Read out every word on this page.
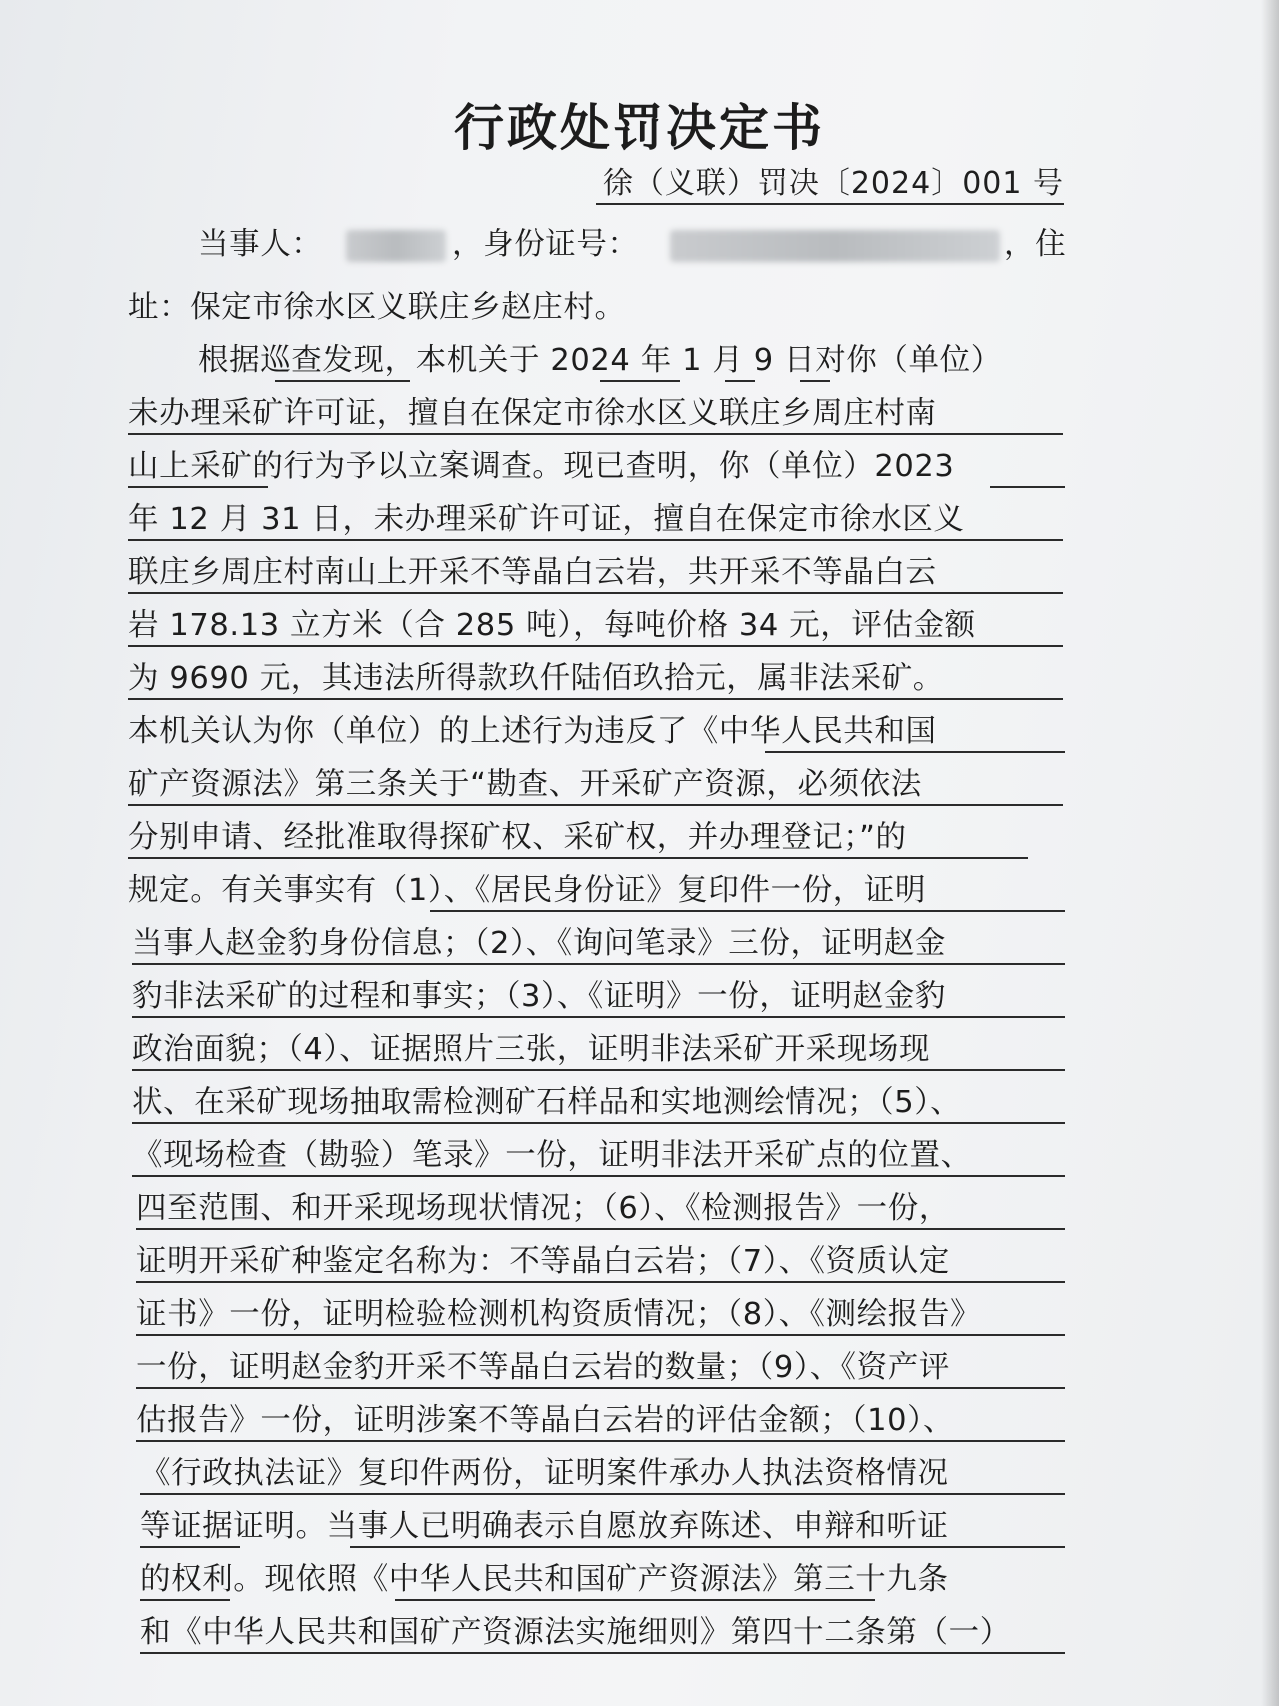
行政处罚决定书
徐（义联）罚决〔2024〕001 号
当事人：	，身份证号：	，住
址：保定市徐水区义联庄乡赵庄村。
根据巡查发现，本机关于 2024 年 1 月 9 日对你（单位）
未办理采矿许可证，擅自在保定市徐水区义联庄乡周庄村南
山上采矿的行为予以立案调查。现已查明，你（单位）2023
年 12 月 31 日，未办理采矿许可证，擅自在保定市徐水区义
联庄乡周庄村南山上开采不等晶白云岩，共开采不等晶白云
岩 178.13 立方米（合 285 吨），每吨价格 34 元，评估金额
为 9690 元，其违法所得款玖仟陆佰玖拾元，属非法采矿。
本机关认为你（单位）的上述行为违反了《中华人民共和国
矿产资源法》第三条关于“勘查、开采矿产资源，必须依法
分别申请、经批准取得探矿权、采矿权，并办理登记；”的
规定。有关事实有（1）、《居民身份证》复印件一份，证明
当事人赵金豹身份信息；（2）、《询问笔录》三份，证明赵金
豹非法采矿的过程和事实；（3）、《证明》一份，证明赵金豹
政治面貌；（4）、证据照片三张，证明非法采矿开采现场现
状、在采矿现场抽取需检测矿石样品和实地测绘情况；（5）、
《现场检查（勘验）笔录》一份，证明非法开采矿点的位置、
四至范围、和开采现场现状情况；（6）、《检测报告》一份，
证明开采矿种鉴定名称为：不等晶白云岩；（7）、《资质认定
证书》一份，证明检验检测机构资质情况；（8）、《测绘报告》
一份，证明赵金豹开采不等晶白云岩的数量；（9）、《资产评
估报告》一份，证明涉案不等晶白云岩的评估金额；（10）、
《行政执法证》复印件两份，证明案件承办人执法资格情况
等证据证明。当事人已明确表示自愿放弃陈述、申辩和听证
的权利。现依照《中华人民共和国矿产资源法》第三十九条
和《中华人民共和国矿产资源法实施细则》第四十二条第（一）
